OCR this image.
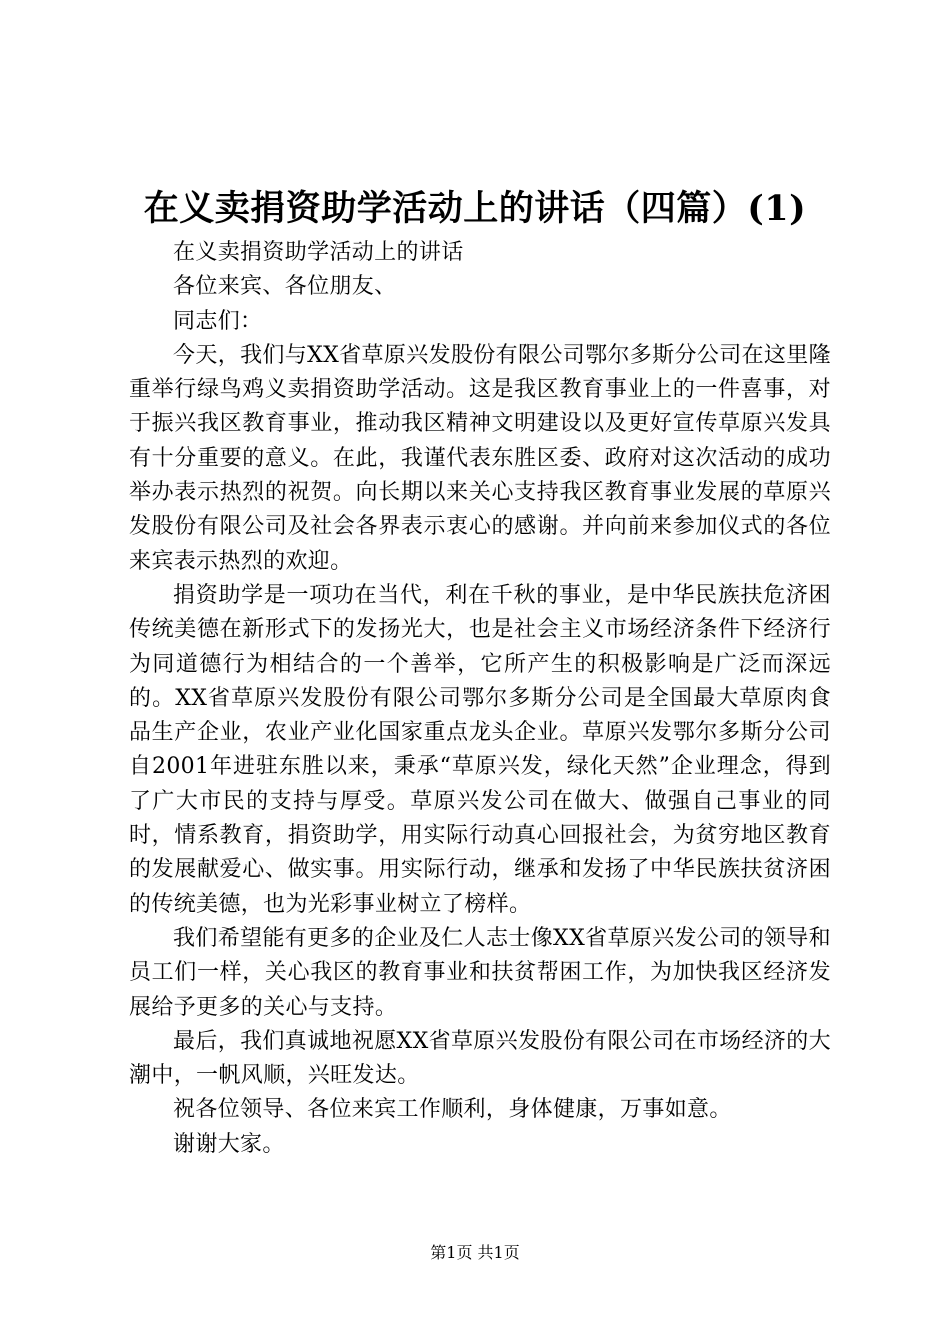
在义卖捐资助学活动上的讲话（四篇）(1)

在义卖捐资助学活动上的讲话

各位来宾、各位朋友、

同志们：

今天，我们与XX省草原兴发股份有限公司鄂尔多斯分公司在这里隆重举行绿鸟鸡义卖捐资助学活动。这是我区教育事业上的一件喜事，对于振兴我区教育事业，推动我区精神文明建设以及更好宣传草原兴发具有十分重要的意义。在此，我谨代表东胜区委、政府对这次活动的成功举办表示热烈的祝贺。向长期以来关心支持我区教育事业发展的草原兴发股份有限公司及社会各界表示衷心的感谢。并向前来参加仪式的各位来宾表示热烈的欢迎。

捐资助学是一项功在当代，利在千秋的事业，是中华民族扶危济困传统美德在新形式下的发扬光大，也是社会主义市场经济条件下经济行为同道德行为相结合的一个善举，它所产生的积极影响是广泛而深远的。XX省草原兴发股份有限公司鄂尔多斯分公司是全国最大草原肉食品生产企业，农业产业化国家重点龙头企业。草原兴发鄂尔多斯分公司自2001年进驻东胜以来，秉承“草原兴发，绿化天然”企业理念，得到了广大市民的支持与厚受。草原兴发公司在做大、做强自己事业的同时，情系教育，捐资助学，用实际行动真心回报社会，为贫穷地区教育的发展献爱心、做实事。用实际行动，继承和发扬了中华民族扶贫济困的传统美德，也为光彩事业树立了榜样。

我们希望能有更多的企业及仁人志士像XX省草原兴发公司的领导和员工们一样，关心我区的教育事业和扶贫帮困工作，为加快我区经济发展给予更多的关心与支持。

最后，我们真诚地祝愿XX省草原兴发股份有限公司在市场经济的大潮中，一帆风顺，兴旺发达。

祝各位领导、各位来宾工作顺利，身体健康，万事如意。

谢谢大家。

第1页 共1页
